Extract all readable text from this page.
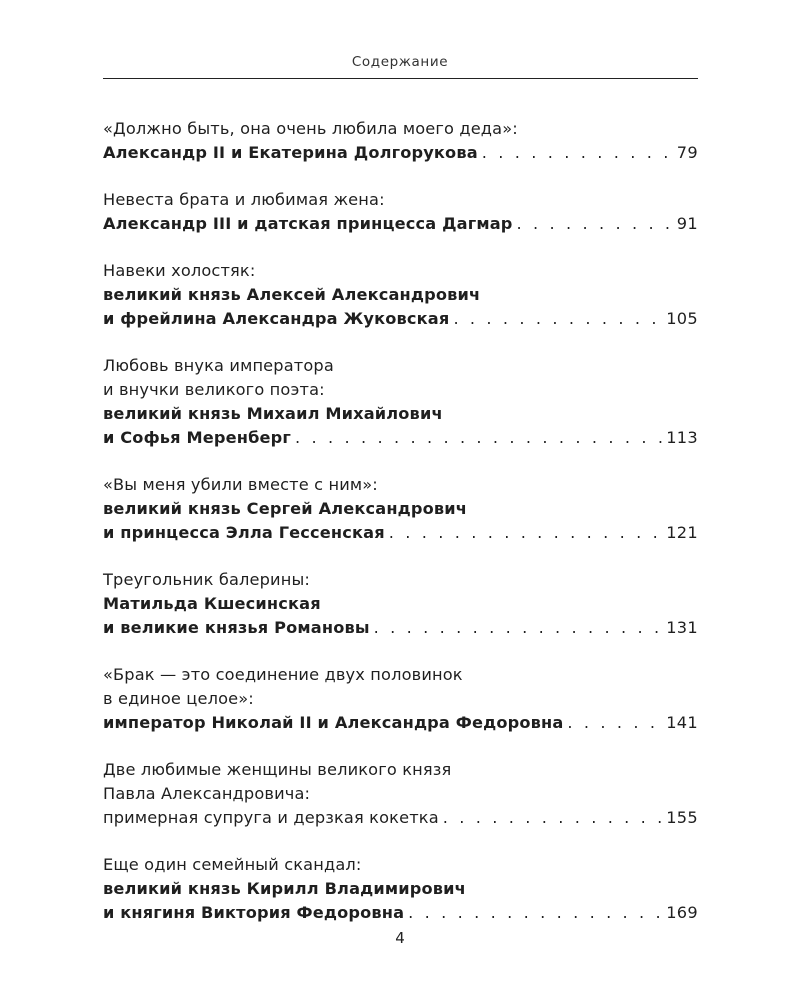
Содержание
«Должно быть, она очень любила моего деда»:
Александр II и Екатерина Долгорукова . . .	79
Невеста брата и любимая жена:
Александр III и датская принцесса Дагмар . . .	91
Навеки холостяк:
великий князь Алексей Александрович
и фрейлина Александра Жуковская . . .	105
Любовь внука императора
и внучки великого поэта:
великий князь Михаил Михайлович
и Софья Меренберг . . .	113
«Вы меня убили вместе с ним»:
великий князь Сергей Александрович
и принцесса Элла Гессенская . . .	121
Треугольник балерины:
Матильда Кшесинская
и великие князья Романовы . . .	131
«Брак — это соединение двух половинок
в единое целое»:
император Николай II и Александра Федоровна . . .	141
Две любимые женщины великого князя
Павла Александровича:
примерная супруга и дерзкая кокетка . . .	155
Еще один семейный скандал:
великий князь Кирилл Владимирович
и княгиня Виктория Федоровна . . .	169
4
